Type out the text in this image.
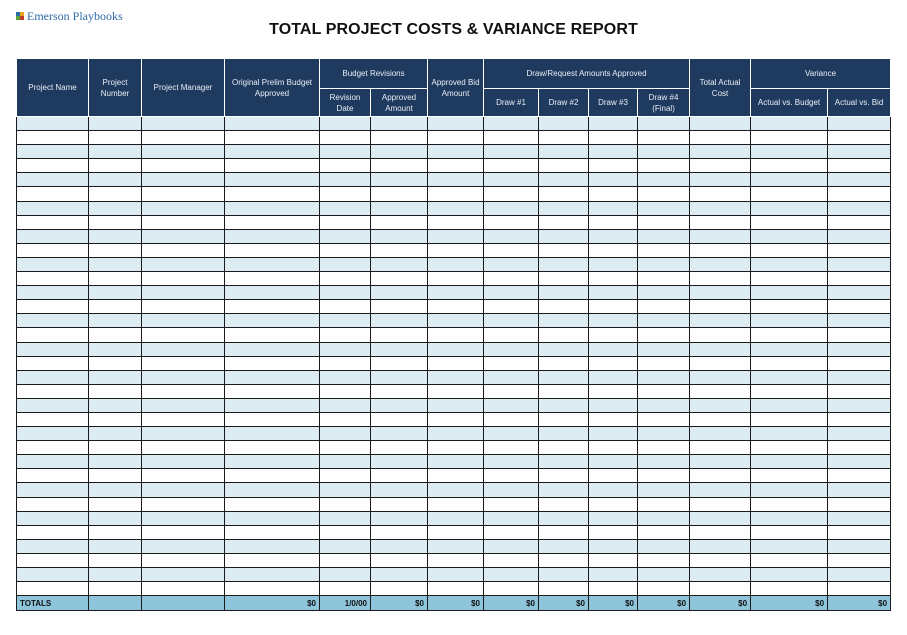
Emerson Playbooks
TOTAL PROJECT COSTS & VARIANCE REPORT
Project Name	Project Number	Project Manager	Original Prelim Budget Approved	Budget Revisions		Approved Bid Amount	Draw/Request Amounts Approved				Total Actual Cost	Variance	
				Revision Date	Approved Amount		Draw #1	Draw #2	Draw #3	Draw #4 (Final)		Actual vs. Budget	Actual vs. Bid

TOTALS			$0	1/0/00	$0	$0	$0	$0	$0	$0	$0	$0	$0
